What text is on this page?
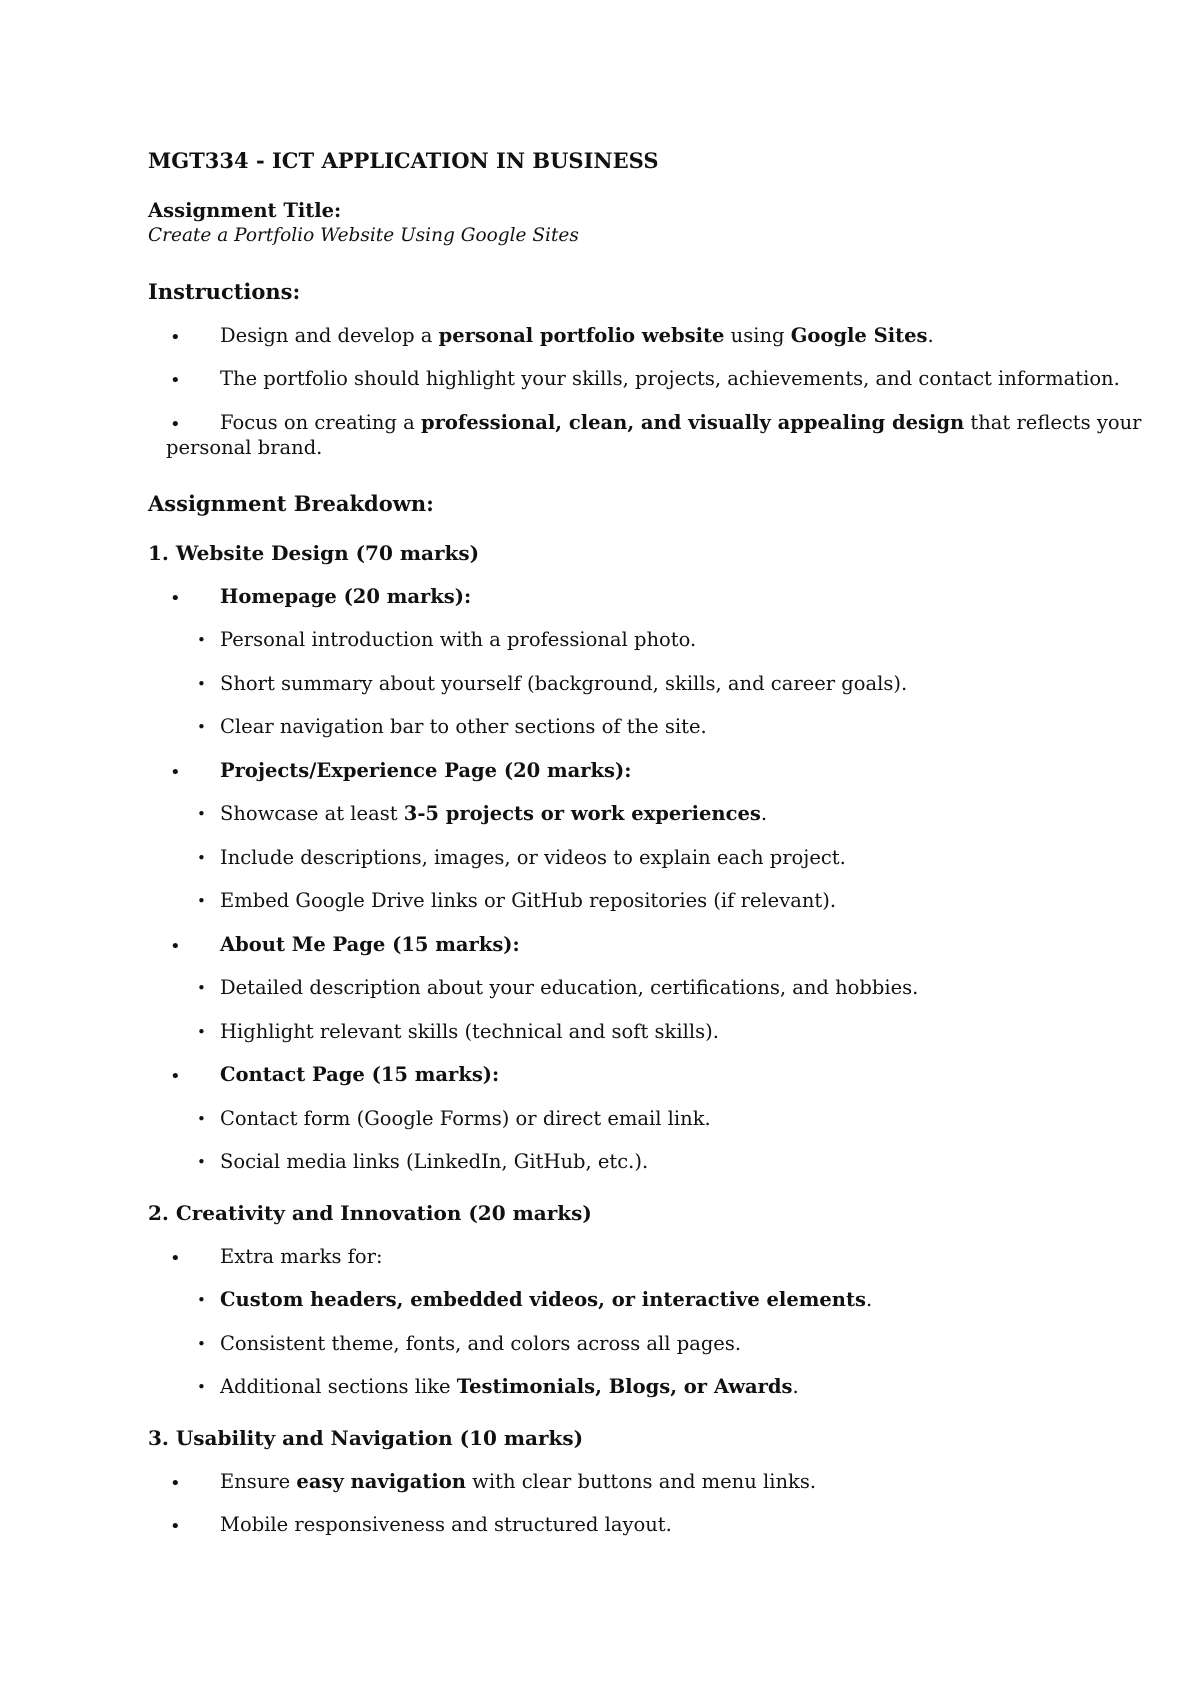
MGT334 - ICT APPLICATION IN BUSINESS
Assignment Title:
Create a Portfolio Website Using Google Sites
Instructions:
• Design and develop a personal portfolio website using Google Sites.
• The portfolio should highlight your skills, projects, achievements, and contact information.
• Focus on creating a professional, clean, and visually appealing design that reflects your
personal brand.
Assignment Breakdown:
1. Website Design (70 marks)
• Homepage (20 marks):
• Personal introduction with a professional photo.
• Short summary about yourself (background, skills, and career goals).
• Clear navigation bar to other sections of the site.
• Projects/Experience Page (20 marks):
• Showcase at least 3-5 projects or work experiences.
• Include descriptions, images, or videos to explain each project.
• Embed Google Drive links or GitHub repositories (if relevant).
• About Me Page (15 marks):
• Detailed description about your education, certifications, and hobbies.
• Highlight relevant skills (technical and soft skills).
• Contact Page (15 marks):
• Contact form (Google Forms) or direct email link.
• Social media links (LinkedIn, GitHub, etc.).
2. Creativity and Innovation (20 marks)
• Extra marks for:
• Custom headers, embedded videos, or interactive elements.
• Consistent theme, fonts, and colors across all pages.
• Additional sections like Testimonials, Blogs, or Awards.
3. Usability and Navigation (10 marks)
• Ensure easy navigation with clear buttons and menu links.
• Mobile responsiveness and structured layout.
